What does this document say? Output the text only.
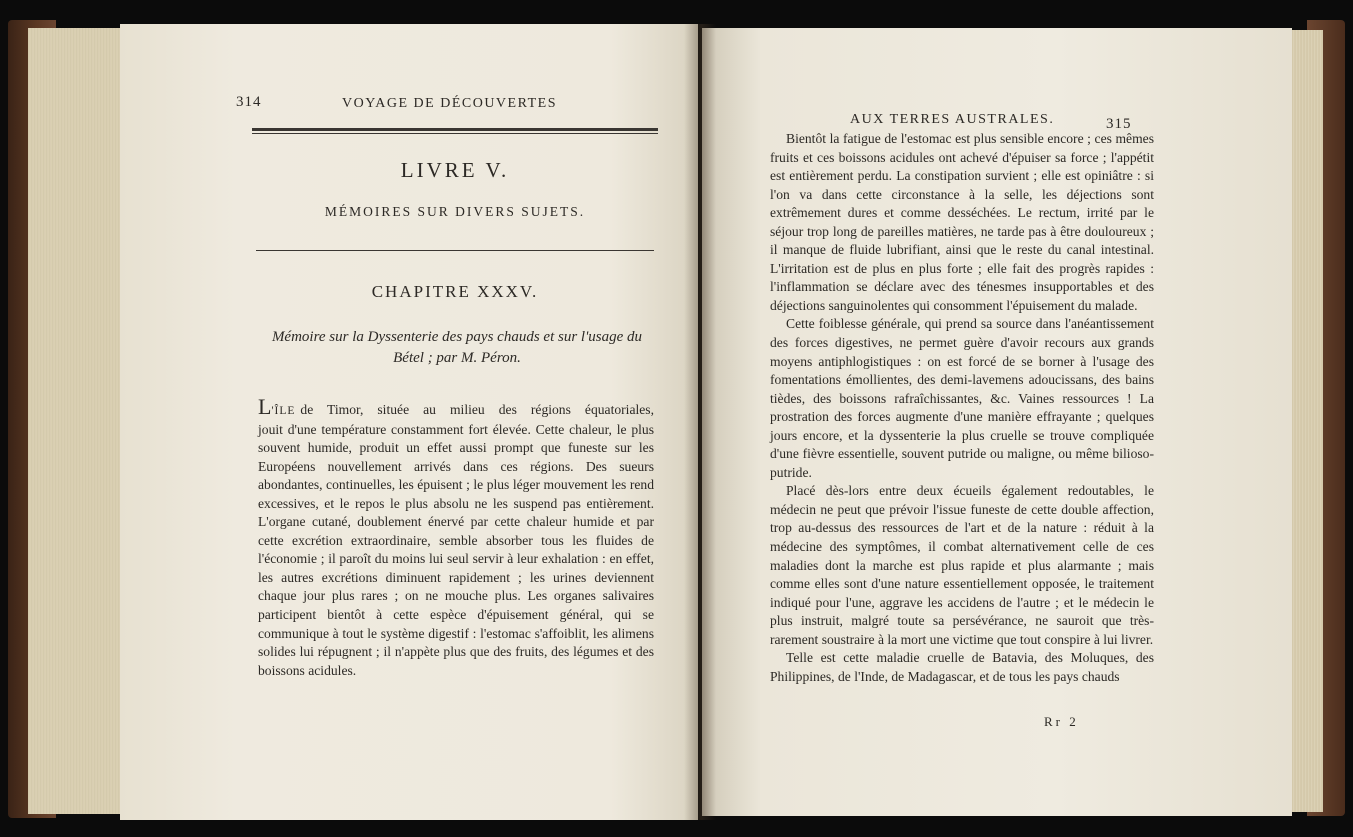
314	VOYAGE DE DÉCOUVERTES
LIVRE V.
MÉMOIRES SUR DIVERS SUJETS.
CHAPITRE XXXV.
Mémoire sur la Dyssenterie des pays chauds et sur l'usage du
Bétel ; par M. Péron.
L'ÎLE de Timor, située au milieu des régions équatoriales,
jouit d'une température constamment fort élevée. Cette chaleur, le plus souvent humide, produit un effet aussi prompt que funeste sur les Européens nouvellement arrivés dans ces régions. Des sueurs abondantes, continuelles, les épuisent ; le plus léger mouvement les rend excessives, et le repos le plus absolu ne les suspend pas entièrement. L'organe cutané, doublement énervé par cette chaleur humide et par cette excrétion extraordinaire, semble absorber tous les fluides de l'économie ; il paroît du moins lui seul servir à leur exhalation : en effet, les autres excrétions diminuent rapidement ; les urines deviennent chaque jour plus rares ; on ne mouche plus. Les organes salivaires participent bientôt à cette espèce d'épuisement général, qui se communique à tout le système digestif : l'estomac s'affoiblit, les alimens solides lui répugnent ; il n'appète plus que des fruits, des légumes et des boissons acidules.
AUX TERRES AUSTRALES.	315

Bientôt la fatigue de l'estomac est plus sensible encore ; ces mêmes fruits et ces boissons acidules ont achevé d'épuiser sa force ; l'appétit est entièrement perdu. La constipation survient ; elle est opiniâtre : si l'on va dans cette circonstance à la selle, les déjections sont extrêmement dures et comme desséchées. Le rectum, irrité par le séjour trop long de pareilles matières, ne tarde pas à être douloureux ; il manque de fluide lubrifiant, ainsi que le reste du canal intestinal. L'irritation est de plus en plus forte ; elle fait des progrès rapides : l'inflammation se déclare avec des ténesmes insupportables et des déjections sanguinolentes qui consomment l'épuisement du malade.

Cette foiblesse générale, qui prend sa source dans l'anéantissement des forces digestives, ne permet guère d'avoir recours aux grands moyens antiphlogistiques : on est forcé de se borner à l'usage des fomentations émollientes, des demi-lavemens adoucissans, des bains tièdes, des boissons rafraîchissantes, &c. Vaines ressources ! La prostration des forces augmente d'une manière effrayante ; quelques jours encore, et la dyssenterie la plus cruelle se trouve compliquée d'une fièvre essentielle, souvent putride ou maligne, ou même bilioso-putride.

Placé dès-lors entre deux écueils également redoutables, le médecin ne peut que prévoir l'issue funeste de cette double affection, trop au-dessus des ressources de l'art et de la nature : réduit à la médecine des symptômes, il combat alternativement celle de ces maladies dont la marche est plus rapide et plus alarmante ; mais comme elles sont d'une nature essentiellement opposée, le traitement indiqué pour l'une, aggrave les accidens de l'autre ; et le médecin le plus instruit, malgré toute sa persévérance, ne sauroit que très-rarement soustraire à la mort une victime que tout conspire à lui livrer.

Telle est cette maladie cruelle de Batavia, des Moluques, des Philippines, de l'Inde, de Madagascar, et de tous les pays chauds

Rr 2
